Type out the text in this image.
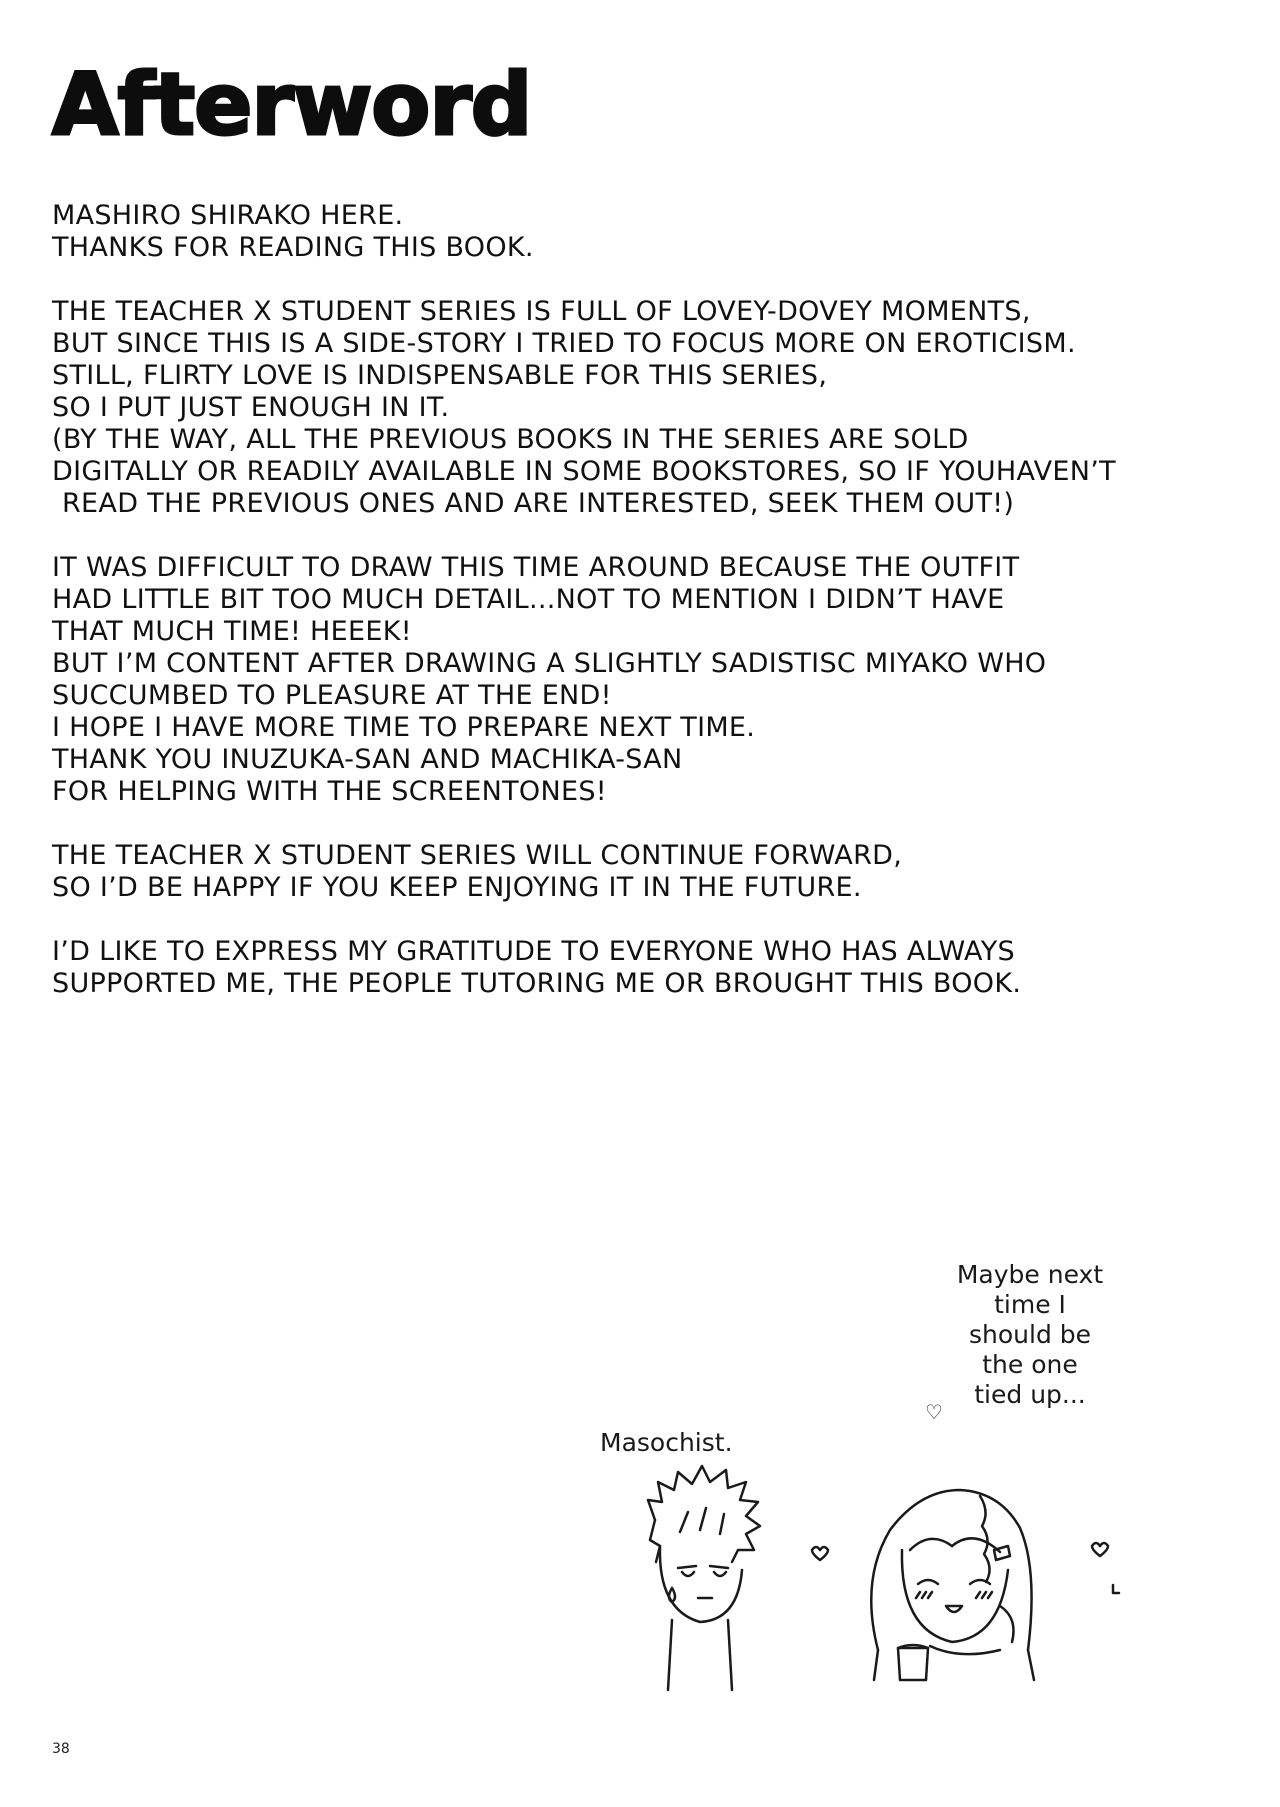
Afterword

MASHIRO SHIRAKO HERE.
THANKS FOR READING THIS BOOK.

THE TEACHER X STUDENT SERIES IS FULL OF LOVEY-DOVEY MOMENTS,
BUT SINCE THIS IS A SIDE-STORY I TRIED TO FOCUS MORE ON EROTICISM.
STILL, FLIRTY LOVE IS INDISPENSABLE FOR THIS SERIES,
SO I PUT JUST ENOUGH IN IT.
(BY THE WAY, ALL THE PREVIOUS BOOKS IN THE SERIES ARE SOLD
DIGITALLY OR READILY AVAILABLE IN SOME BOOKSTORES, SO IF YOUHAVEN’T
READ THE PREVIOUS ONES AND ARE INTERESTED, SEEK THEM OUT!)

IT WAS DIFFICULT TO DRAW THIS TIME AROUND BECAUSE THE OUTFIT
HAD LITTLE BIT TOO MUCH DETAIL...NOT TO MENTION I DIDN’T HAVE
THAT MUCH TIME! HEEEK!
BUT I’M CONTENT AFTER DRAWING A SLIGHTLY SADISTISC MIYAKO WHO
SUCCUMBED TO PLEASURE AT THE END!
I HOPE I HAVE MORE TIME TO PREPARE NEXT TIME.
THANK YOU INUZUKA-SAN AND MACHIKA-SAN
FOR HELPING WITH THE SCREENTONES!

THE TEACHER X STUDENT SERIES WILL CONTINUE FORWARD,
SO I’D BE HAPPY IF YOU KEEP ENJOYING IT IN THE FUTURE.

I’D LIKE TO EXPRESS MY GRATITUDE TO EVERYONE WHO HAS ALWAYS
SUPPORTED ME, THE PEOPLE TUTORING ME OR BROUGHT THIS BOOK.

Masochist.
Maybe next
time I
should be
the one
tied up...
♡
38
